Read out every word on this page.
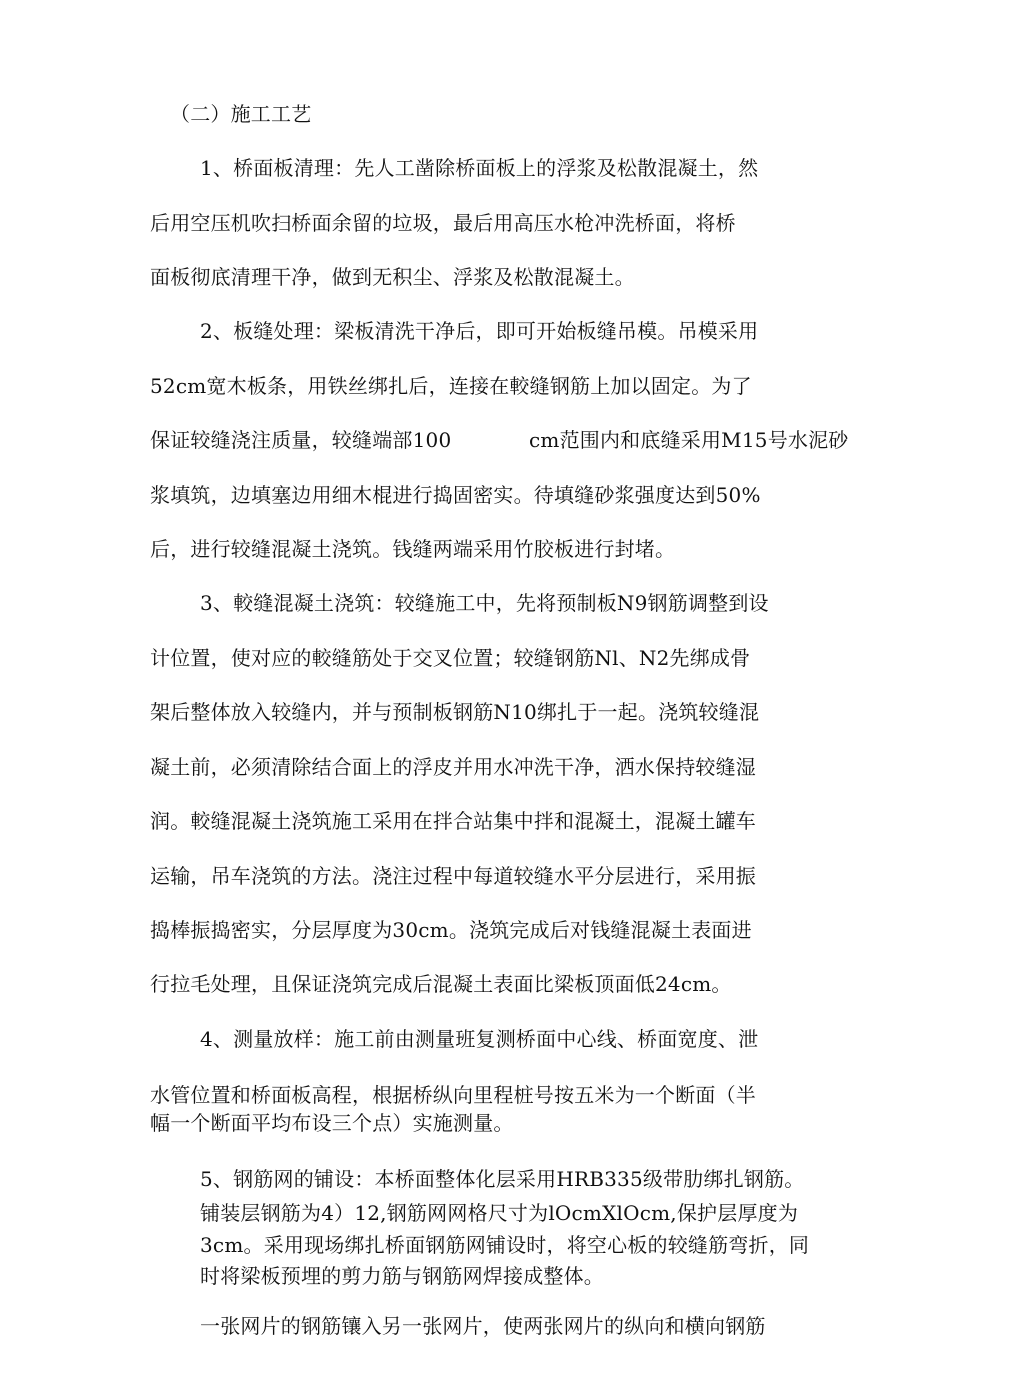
（二）施工工艺
1、桥面板清理：先人工凿除桥面板上的浮浆及松散混凝土，然
后用空压机吹扫桥面余留的垃圾，最后用高压水枪冲洗桥面，将桥
面板彻底清理干净，做到无积尘、浮浆及松散混凝土。
2、板缝处理：梁板清洗干净后，即可开始板缝吊模。吊模采用
52cm宽木板条，用铁丝绑扎后，连接在較缝钢筋上加以固定。为了
保证较缝浇注质量，较缝端部100	cm范围内和底缝采用M15号水泥砂
浆填筑，边填塞边用细木棍进行捣固密实。待填缝砂浆强度达到50%
后，进行较缝混凝土浇筑。钱缝两端采用竹胶板进行封堵。
3、較缝混凝土浇筑：较缝施工中，先将预制板N9钢筋调整到设
计位置，使对应的較缝筋处于交叉位置；较缝钢筋Nl、N2先绑成骨
架后整体放入较缝内，并与预制板钢筋N10绑扎于一起。浇筑较缝混
凝土前，必须清除结合面上的浮皮并用水冲洗干净，洒水保持较缝湿
润。較缝混凝土浇筑施工采用在拌合站集中拌和混凝土，混凝土罐车
运输，吊车浇筑的方法。浇注过程中每道较缝水平分层进行，采用振
捣棒振捣密实，分层厚度为30cm。浇筑完成后对钱缝混凝土表面进
行拉毛处理，且保证浇筑完成后混凝土表面比梁板顶面低24cm。
4、测量放样：施工前由测量班复测桥面中心线、桥面宽度、泄
水管位置和桥面板高程，根据桥纵向里程桩号按五米为一个断面（半
幅一个断面平均布设三个点）实施测量。
5、钢筋网的铺设：本桥面整体化层采用HRB335级带肋绑扎钢筋。
铺装层钢筋为4）12,钢筋网网格尺寸为lOcmXlOcm,保护层厚度为
3cm。采用现场绑扎桥面钢筋网铺设时，将空心板的较缝筋弯折，同
时将梁板预埋的剪力筋与钢筋网焊接成整体。
一张网片的钢筋镶入另一张网片，使两张网片的纵向和横向钢筋
